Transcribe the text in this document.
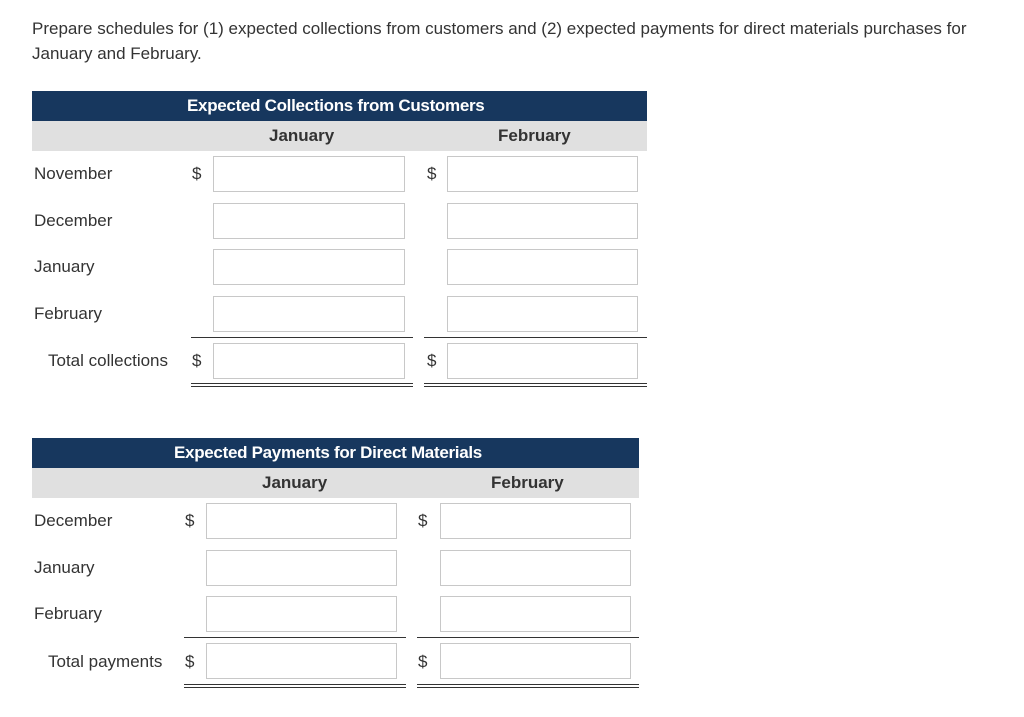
Prepare schedules for (1) expected collections from customers and (2) expected payments for direct materials purchases for January and February.
Expected Collections from Customers
January	February
November	$	$
December
January
February
Total collections $	$
Expected Payments for Direct Materials
January	February
December	$	$
January
February
Total payments $	$
